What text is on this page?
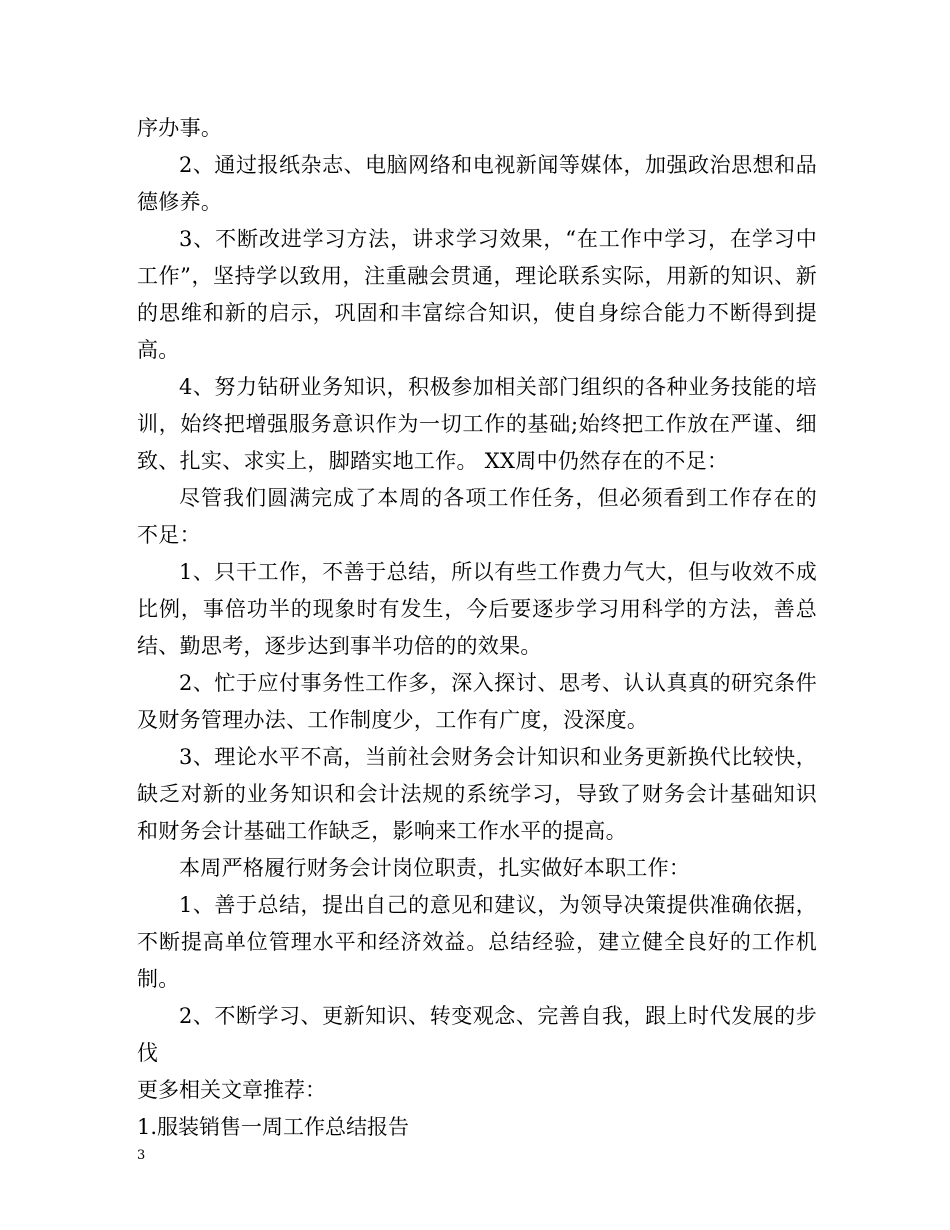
序办事。

2、通过报纸杂志、电脑网络和电视新闻等媒体，加强政治思想和品德修养。

3、不断改进学习方法，讲求学习效果，“在工作中学习，在学习中工作”，坚持学以致用，注重融会贯通，理论联系实际，用新的知识、新的思维和新的启示，巩固和丰富综合知识，使自身综合能力不断得到提高。

4、努力钻研业务知识，积极参加相关部门组织的各种业务技能的培训，始终把增强服务意识作为一切工作的基础;始终把工作放在严谨、细致、扎实、求实上，脚踏实地工作。 XX周中仍然存在的不足：

尽管我们圆满完成了本周的各项工作任务，但必须看到工作存在的不足：

1、只干工作，不善于总结，所以有些工作费力气大，但与收效不成比例，事倍功半的现象时有发生，今后要逐步学习用科学的方法，善总结、勤思考，逐步达到事半功倍的的效果。

2、忙于应付事务性工作多，深入探讨、思考、认认真真的研究条件及财务管理办法、工作制度少，工作有广度，没深度。

3、理论水平不高，当前社会财务会计知识和业务更新换代比较快，缺乏对新的业务知识和会计法规的系统学习，导致了财务会计基础知识和财务会计基础工作缺乏，影响来工作水平的提高。

本周严格履行财务会计岗位职责，扎实做好本职工作：

1、善于总结，提出自己的意见和建议，为领导决策提供准确依据，不断提高单位管理水平和经济效益。总结经验，建立健全良好的工作机制。

2、不断学习、更新知识、转变观念、完善自我，跟上时代发展的步伐

更多相关文章推荐：

1.服装销售一周工作总结报告

3
